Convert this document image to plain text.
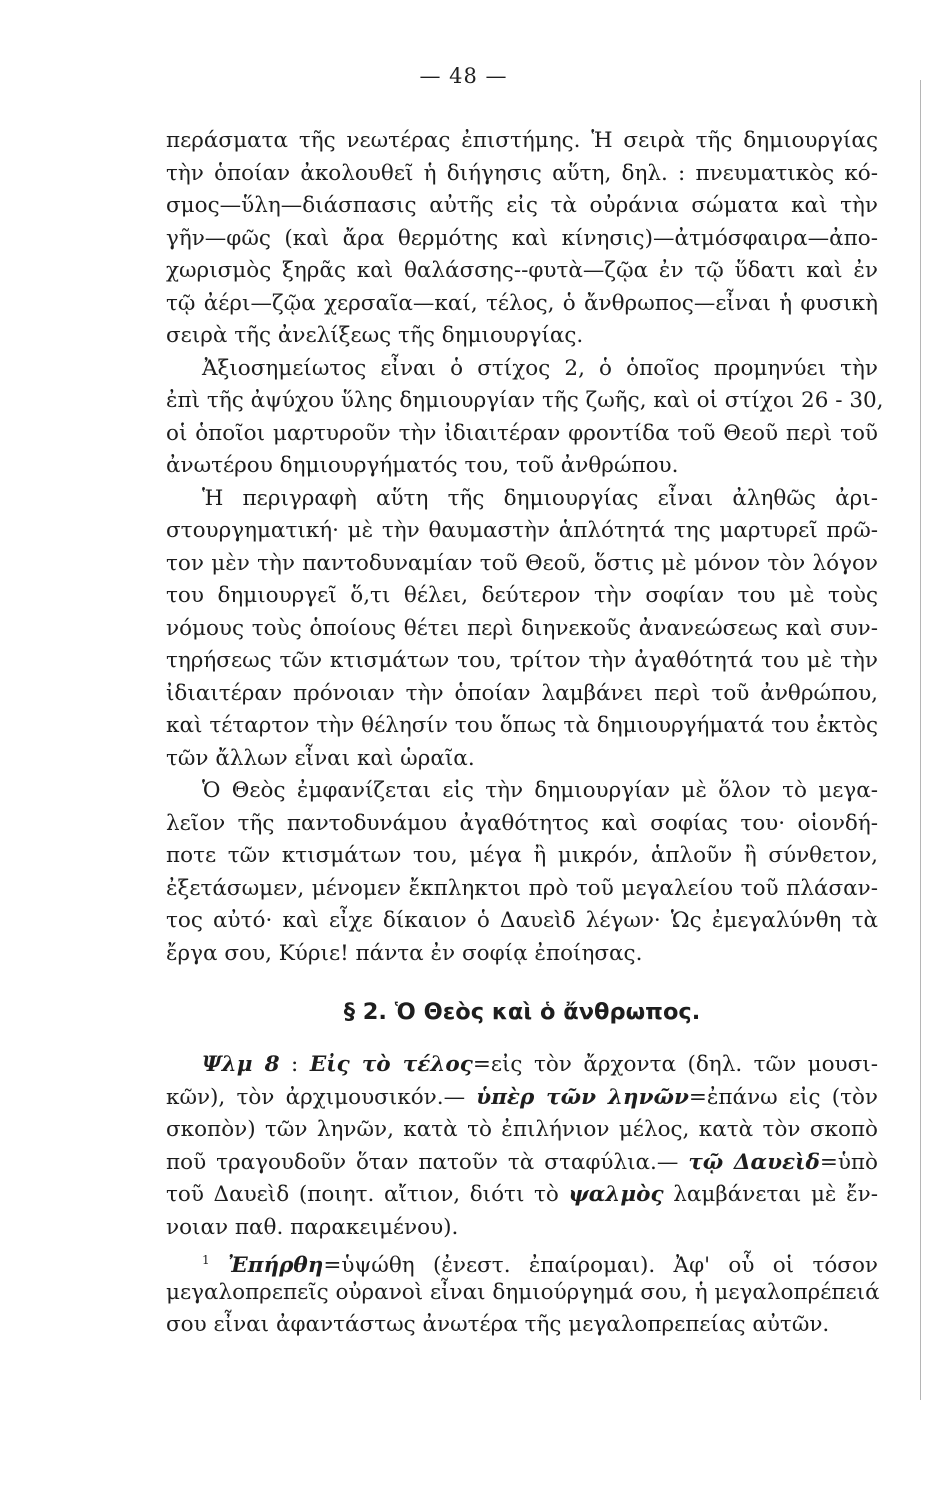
— 48 —
περάσματα τῆς νεωτέρας ἐπιστήμης. Ἡ σειρὰ τῆς δημιουργίας
τὴν ὁποίαν ἀκολουθεῖ ἡ διήγησις αὕτη, δηλ. : πνευματικὸς κό-
σμος—ὕλη—διάσπασις αὐτῆς εἰς τὰ οὐράνια σώματα καὶ τὴν
γῆν—φῶς (καὶ ἄρα θερμότης καὶ κίνησις)—ἀτμόσφαιρα—ἀπο-
χωρισμὸς ξηρᾶς καὶ θαλάσσης--φυτὰ—ζῷα ἐν τῷ ὕδατι καὶ ἐν
τῷ ἀέρι—ζῷα χερσαῖα—καί, τέλος, ὁ ἄνθρωπος—εἶναι ἡ φυσικὴ
σειρὰ τῆς ἀνελίξεως τῆς δημιουργίας.
Ἀξιοσημείωτος εἶναι ὁ στίχος 2, ὁ ὁποῖος προμηνύει τὴν
ἐπὶ τῆς ἀψύχου ὕλης δημιουργίαν τῆς ζωῆς, καὶ οἱ στίχοι 26 - 30,
οἱ ὁποῖοι μαρτυροῦν τὴν ἰδιαιτέραν φροντίδα τοῦ Θεοῦ περὶ τοῦ
ἀνωτέρου δημιουργήματός του, τοῦ ἀνθρώπου.
Ἡ περιγραφὴ αὕτη τῆς δημιουργίας εἶναι ἀληθῶς ἀρι-
στουργηματική· μὲ τὴν θαυμαστὴν ἁπλότητά της μαρτυρεῖ πρῶ-
τον μὲν τὴν παντοδυναμίαν τοῦ Θεοῦ, ὅστις μὲ μόνον τὸν λόγον
του δημιουργεῖ ὅ,τι θέλει, δεύτερον τὴν σοφίαν του μὲ τοὺς
νόμους τοὺς ὁποίους θέτει περὶ διηνεκοῦς ἀνανεώσεως καὶ συν-
τηρήσεως τῶν κτισμάτων του, τρίτον τὴν ἀγαθότητά του μὲ τὴν
ἰδιαιτέραν πρόνοιαν τὴν ὁποίαν λαμβάνει περὶ τοῦ ἀνθρώπου,
καὶ τέταρτον τὴν θέλησίν του ὅπως τὰ δημιουργήματά του ἐκτὸς
τῶν ἄλλων εἶναι καὶ ὡραῖα.
Ὁ Θεὸς ἐμφανίζεται εἰς τὴν δημιουργίαν μὲ ὅλον τὸ μεγα-
λεῖον τῆς παντοδυνάμου ἀγαθότητος καὶ σοφίας του· οἱονδή-
ποτε τῶν κτισμάτων του, μέγα ἢ μικρόν, ἁπλοῦν ἢ σύνθετον,
ἐξετάσωμεν, μένομεν ἔκπληκτοι πρὸ τοῦ μεγαλείου τοῦ πλάσαν-
τος αὐτό· καὶ εἶχε δίκαιον ὁ Δαυεὶδ λέγων· Ὡς ἐμεγαλύνθη τὰ
ἔργα σου, Κύριε! πάντα ἐν σοφίᾳ ἐποίησας.
§ 2. Ὁ Θεὸς καὶ ὁ ἄνθρωπος.
Ψλμ 8 : Εἰς τὸ τέλος=εἰς τὸν ἄρχοντα (δηλ. τῶν μουσι-
κῶν), τὸν ἀρχιμουσικόν.— ὑπὲρ τῶν ληνῶν=ἐπάνω εἰς (τὸν
σκοπὸν) τῶν ληνῶν, κατὰ τὸ ἐπιλήνιον μέλος, κατὰ τὸν σκοπὸ
ποῦ τραγουδοῦν ὅταν πατοῦν τὰ σταφύλια.— τῷ Δαυεὶδ=ὑπὸ
τοῦ Δαυεὶδ (ποιητ. αἴτιον, διότι τὸ ψαλμὸς λαμβάνεται μὲ ἔν-
νοιαν παθ. παρακειμένου).
$^1$ Ἐπήρθη=ὑψώθη (ἐνεστ. ἐπαίρομαι). Ἀφ' οὗ οἱ τόσον
μεγαλοπρεπεῖς οὐρανοὶ εἶναι δημιούργημά σου, ἡ μεγαλοπρέπειά
σου εἶναι ἀφαντάστως ἀνωτέρα τῆς μεγαλοπρεπείας αὐτῶν.
